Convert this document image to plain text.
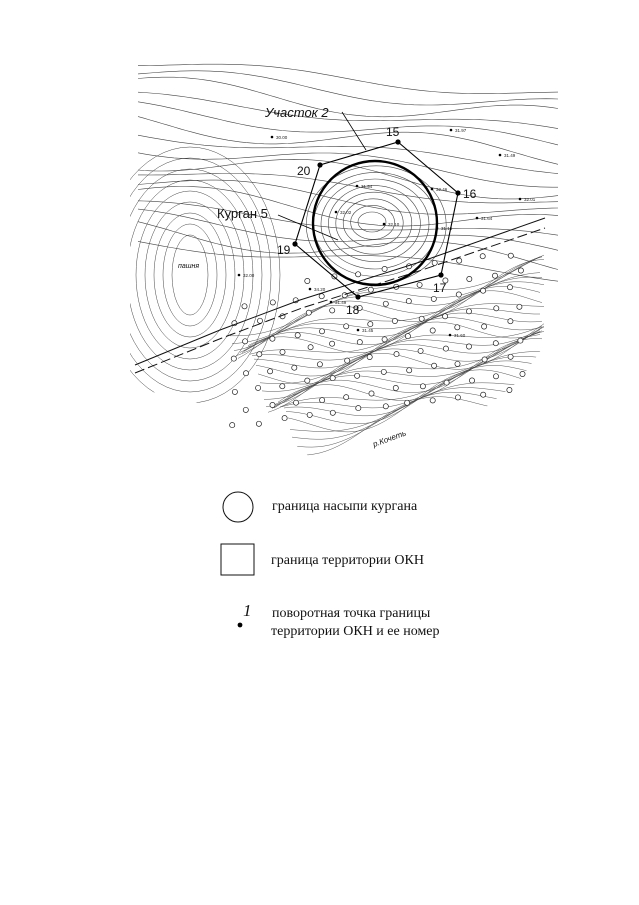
30.00
31.97
31.49
31.94
32.02
32.10
32.46
31.16
31.64
32.01
32.00
34.20
31.49
31.60
31.45
15
16
17
18
19
20
Участок 2
Курган 5
пашня
р.Кочеть
граница насыпи кургана
граница территории ОКН
1 поворотная точка границы
территории ОКН и ее номер
